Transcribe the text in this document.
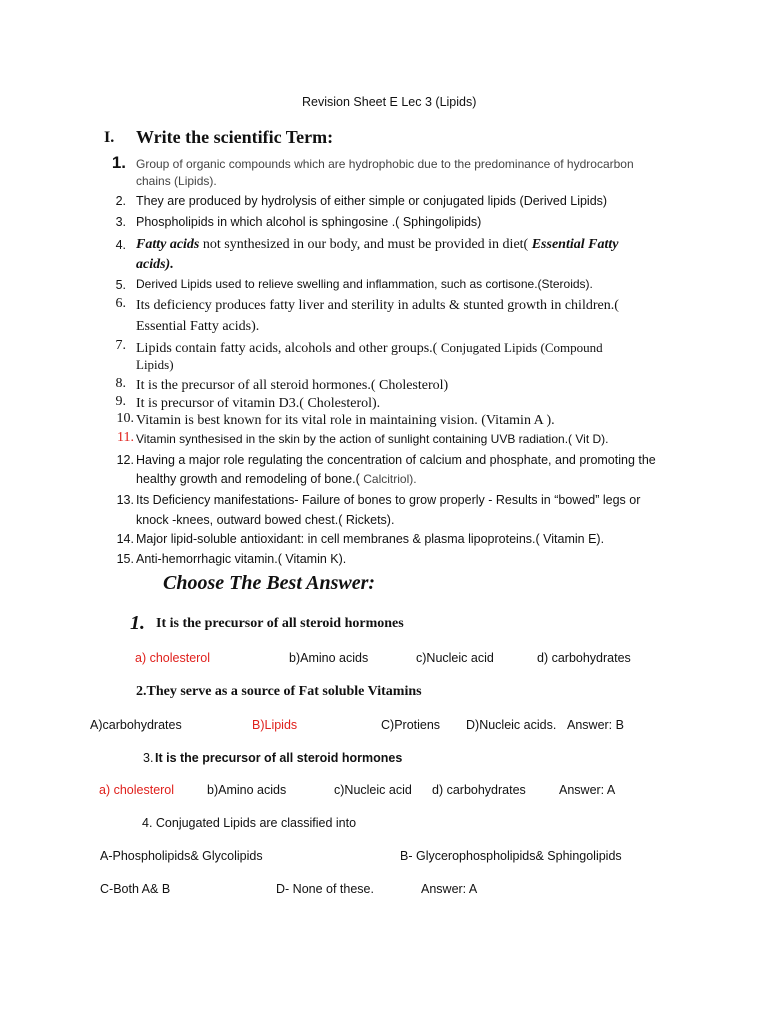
Revision Sheet E Lec 3 (Lipids)
I. Write the scientific Term:
1. Group of organic compounds which are hydrophobic due to the predominance of hydrocarbon
chains (Lipids).
2. They are produced by hydrolysis of either simple or conjugated lipids (Derived Lipids)
3. Phospholipids in which alcohol is sphingosine .( Sphingolipids)
4. Fatty acids not synthesized in our body, and must be provided in diet( Essential Fatty
acids).
5. Derived Lipids used to relieve swelling and inflammation, such as cortisone.(Steroids).
6. Its deficiency produces fatty liver and sterility in adults & stunted growth in children.(
Essential Fatty acids).
7. Lipids contain fatty acids, alcohols and other groups.( Conjugated Lipids (Compound
Lipids)
8. It is the precursor of all steroid hormones.( Cholesterol)
9. It is precursor of vitamin D3.( Cholesterol).
10. Vitamin is best known for its vital role in maintaining vision. (Vitamin A ).
11. Vitamin synthesised in the skin by the action of sunlight containing UVB radiation.( Vit D).
12. Having a major role regulating the concentration of calcium and phosphate, and promoting the
healthy growth and remodeling of bone.( Calcitriol).
13. Its Deficiency manifestations- Failure of bones to grow properly - Results in “bowed” legs or
knock -knees, outward bowed chest.( Rickets).
14. Major lipid-soluble antioxidant: in cell membranes & plasma lipoproteins.( Vitamin E).
15. Anti-hemorrhagic vitamin.( Vitamin K).
Choose The Best Answer:
1. It is the precursor of all steroid hormones
a) cholesterol	b)Amino acids	c)Nucleic acid	d) carbohydrates
2.They serve as a source of Fat soluble Vitamins
A)carbohydrates	B)Lipids	C)Protiens D)Nucleic acids. Answer: B
3. It is the precursor of all steroid hormones
a) cholesterol	b)Amino acids	c)Nucleic acid d) carbohydrates	Answer: A
4. Conjugated Lipids are classified into
A-Phospholipids& Glycolipids	B- Glycerophospholipids& Sphingolipids
C-Both A& B	D- None of these.	Answer: A
